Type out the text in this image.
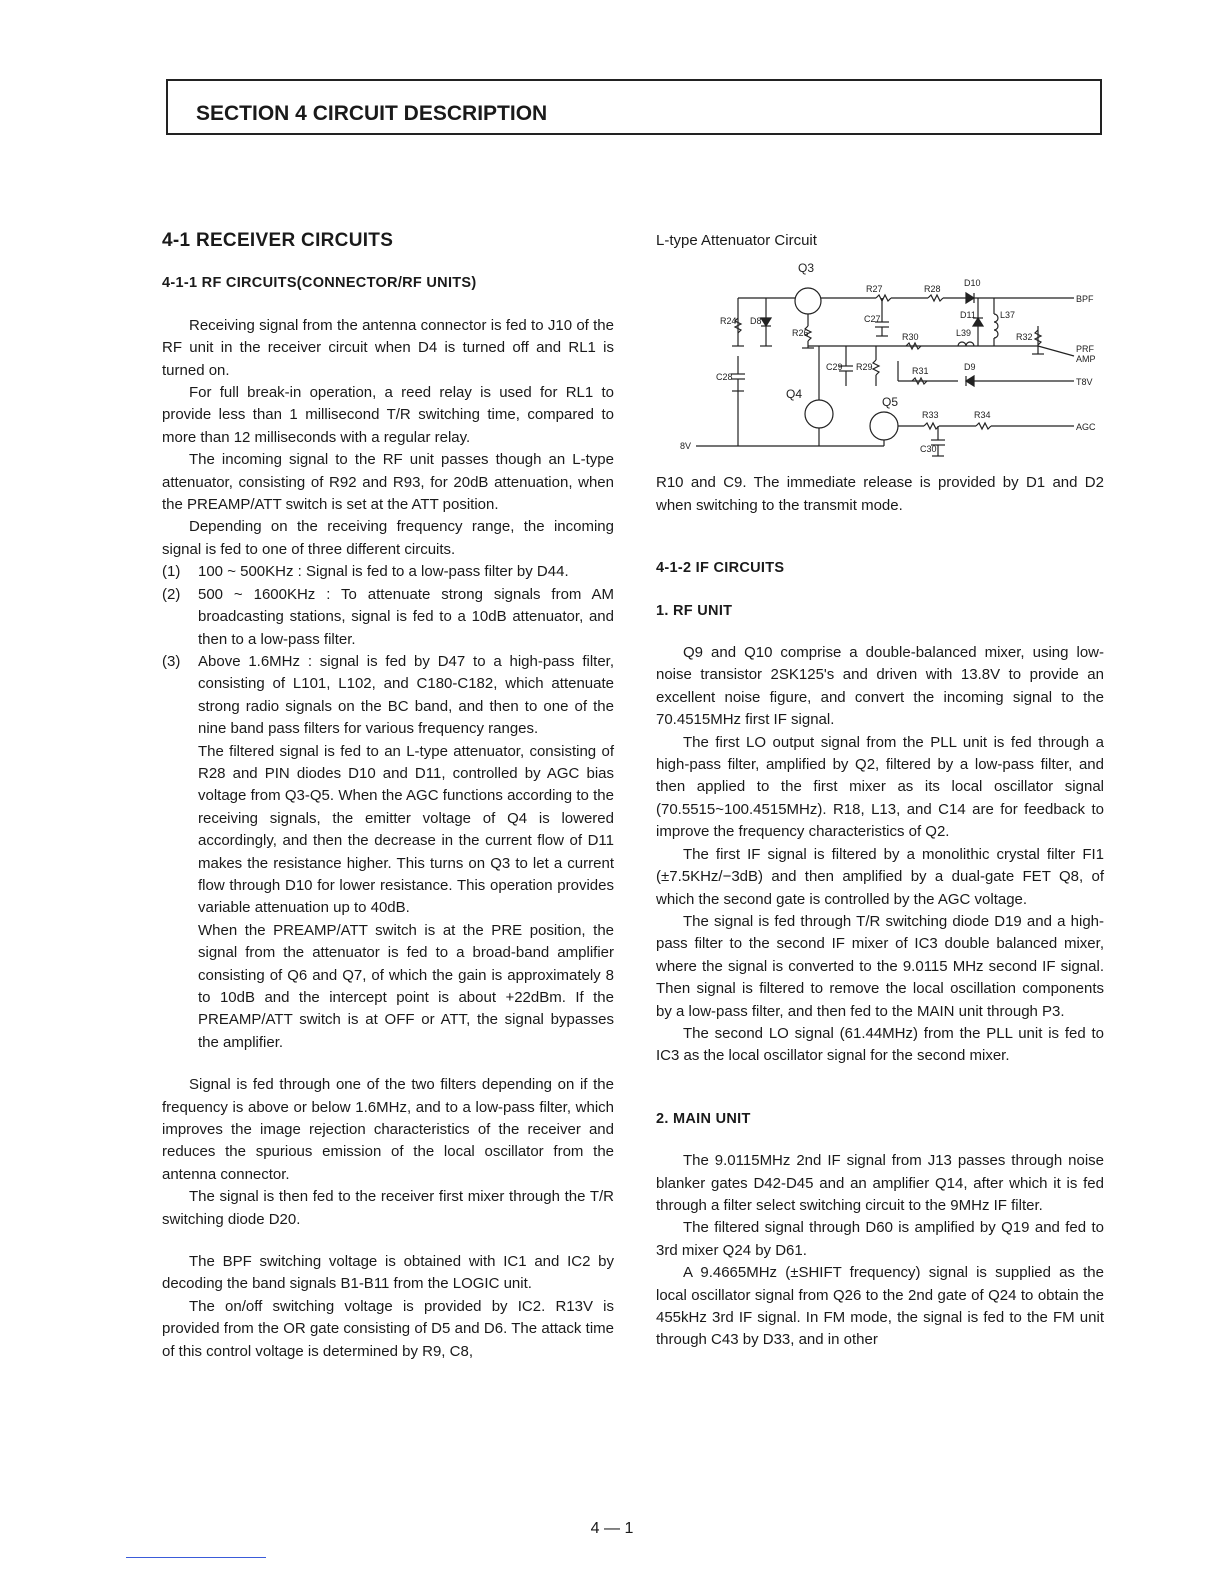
SECTION 4 CIRCUIT DESCRIPTION
4-1 RECEIVER CIRCUITS
4-1-1 RF CIRCUITS(CONNECTOR/RF UNITS)

Receiving signal from the antenna connector is fed to J10 of the RF unit in the receiver circuit when D4 is turned off and RL1 is turned on.

For full break-in operation, a reed relay is used for RL1 to provide less than 1 millisecond T/R switching time, compared to more than 12 milliseconds with a regular relay.

The incoming signal to the RF unit passes though an L-type attenuator, consisting of R92 and R93, for 20dB attenuation, when the PREAMP/ATT switch is set at the ATT position.

Depending on the receiving frequency range, the incoming signal is fed to one of three different circuits.

(1)	100 ~ 500KHz : Signal is fed to a low-pass filter by D44.
(2)	500 ~ 1600KHz : To attenuate strong signals from AM broadcasting stations, signal is fed to a 10dB attenuator, and then to a low-pass filter.
(3)	Above 1.6MHz : signal is fed by D47 to a high-pass filter, consisting of L101, L102, and C180-C182, which attenuate strong radio signals on the BC band, and then to one of the nine band pass filters for various frequency ranges.
The filtered signal is fed to an L-type attenuator, consisting of R28 and PIN diodes D10 and D11, controlled by AGC bias voltage from Q3-Q5. When the AGC functions according to the receiving signals, the emitter voltage of Q4 is lowered accordingly, and then the decrease in the current flow of D11 makes the resistance higher. This turns on Q3 to let a current flow through D10 for lower resistance. This operation provides variable attenuation up to 40dB.
When the PREAMP/ATT switch is at the PRE position, the signal from the attenuator is fed to a broad-band amplifier consisting of Q6 and Q7, of which the gain is approximately 8 to 10dB and the intercept point is about +22dBm. If the PREAMP/ATT switch is at OFF or ATT, the signal bypasses the amplifier.

Signal is fed through one of the two filters depending on if the frequency is above or below 1.6MHz, and to a low-pass filter, which improves the image rejection characteristics of the receiver and reduces the spurious emission of the local oscillator from the antenna connector.

The signal is then fed to the receiver first mixer through the T/R switching diode D20.

The BPF switching voltage is obtained with IC1 and IC2 by decoding the band signals B1-B11 from the LOGIC unit.

The on/off switching voltage is provided by IC2. R13V is provided from the OR gate consisting of D5 and D6. The attack time of this control voltage is determined by R9, C8,

L-type Attenuator Circuit
Q3
R27	R28
D10
BPF
R24 D8
R26
C27	D11	L37
R32
R30	L39
PRF
AMP
C28
C29 R29	R31	D9
T8V
Q4
Q5
R33	R34
AGC
8V	C30

R10 and C9. The immediate release is provided by D1 and D2 when switching to the transmit mode.

4-1-2 IF CIRCUITS
1. RF UNIT

Q9 and Q10 comprise a double-balanced mixer, using low-noise transistor 2SK125's and driven with 13.8V to provide an excellent noise figure, and convert the incoming signal to the 70.4515MHz first IF signal.

The first LO output signal from the PLL unit is fed through a high-pass filter, amplified by Q2, filtered by a low-pass filter, and then applied to the first mixer as its local oscillator signal (70.5515~100.4515MHz). R18, L13, and C14 are for feedback to improve the frequency characteristics of Q2.

The first IF signal is filtered by a monolithic crystal filter FI1 (±7.5KHz/−3dB) and then amplified by a dual-gate FET Q8, of which the second gate is controlled by the AGC voltage.

The signal is fed through T/R switching diode D19 and a high-pass filter to the second IF mixer of IC3 double balanced mixer, where the signal is converted to the 9.0115 MHz second IF signal. Then signal is filtered to remove the local oscillation components by a low-pass filter, and then fed to the MAIN unit through P3.

The second LO signal (61.44MHz) from the PLL unit is fed to IC3 as the local oscillator signal for the second mixer.

2. MAIN UNIT

The 9.0115MHz 2nd IF signal from J13 passes through noise blanker gates D42-D45 and an amplifier Q14, after which it is fed through a filter select switching circuit to the 9MHz IF filter.

The filtered signal through D60 is amplified by Q19 and fed to 3rd mixer Q24 by D61.

A 9.4665MHz (±SHIFT frequency) signal is supplied as the local oscillator signal from Q26 to the 2nd gate of Q24 to obtain the 455kHz 3rd IF signal. In FM mode, the signal is fed to the FM unit through C43 by D33, and in other

4 — 1
